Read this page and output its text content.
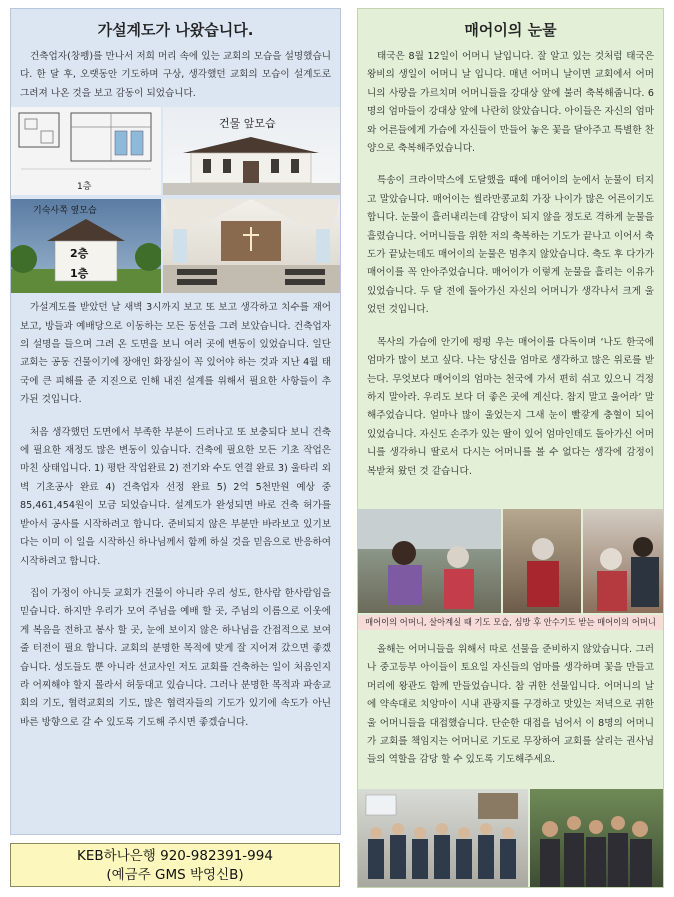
가설계도가 나왔습니다.
건축업자(창펭)를 만나서 저희 머리 속에 있는 교회의 모습을 설명했습니다. 한 달 후, 오랫동안 기도하며 구상, 생각했던 교회의 모습이 설계도로 그려져 나온 것을 보고 감동이 되었습니다.
1층
건물 앞모습
기숙사쪽 옆모습
2층
1층
가설계도를 받았던 날 새벽 3시까지 보고 또 보고 생각하고 치수를 재어 보고, 방들과 예배당으로 이동하는 모든 동선을 그려 보았습니다. 건축업자의 설명을 들으며 그려 온 도면을 보니 여러 곳에 변동이 있었습니다. 일단 교회는 공동 건물이기에 장애인 화장실이 꼭 있어야 하는 것과 지난 4월 태국에 큰 피해를 준 지진으로 인해 내진 설계를 위해서 필요한 사항들이 추가된 것입니다.
처음 생각했던 도면에서 부족한 부분이 드러나고 또 보충되다 보니 건축에 필요한 재정도 많은 변동이 있습니다. 건축에 필요한 모든 기초 작업은 마친 상태입니다. 1) 평탄 작업완료 2) 전기와 수도 연결 완료 3) 울타리 외벽 기초공사 완료 4) 건축업자 선정 완료 5) 2억 5천만원 예상 중 85,461,454원이 모금 되었습니다. 설계도가 완성되면 바로 건축 허가를 받아서 공사를 시작하려고 합니다. 준비되지 않은 부분만 바라보고 있기보다는 이미 이 일을 시작하신 하나님께서 함께 하실 것을 믿음으로 반응하여 시작하려고 합니다.
집이 가정이 아니듯 교회가 건물이 아니라 우리 성도, 한사람 한사람임을 믿습니다. 하지만 우리가 모여 주님을 예배 할 곳, 주님의 이름으로 이웃에게 복음을 전하고 봉사 할 곳, 눈에 보이지 않은 하나님을 간접적으로 보여줄 터전이 필요 합니다. 교회의 분명한 목적에 맞게 잘 지어져 갔으면 좋겠습니다. 성도들도 뿐 아니라 선교사인 저도 교회를 건축하는 일이 처음인지라 어찌해야 할지 몰라서 허둥대고 있습니다. 그러나 분명한 목적과 파송교회의 기도, 협력교회의 기도, 많은 협력자들의 기도가 있기에 속도가 아닌 바른 방향으로 갈 수 있도록 기도해 주시면 좋겠습니다.
KEB하나은행 920-982391-994
(예금주 GMS 박영신B)
매어이의 눈물
태국은 8월 12일이 어머니 날입니다. 잘 알고 있는 것처럼 태국은 왕비의 생일이 어머니 날 입니다. 매년 어머니 날이면 교회에서 어머니의 사랑을 가르치며 어머니들을 강대상 앞에 불러 축복해줍니다. 6명의 엄마들이 강대상 앞에 나란히 앉았습니다. 아이들은 자신의 엄마와 어른들에게 가슴에 자신들이 만들어 놓은 꽃을 달아주고 특별한 찬양으로 축복해주었습니다.
특송이 크라이막스에 도달했을 때에 매어이의 눈에서 눈물이 터지고 말았습니다. 매어이는 씰라만콩교회 가장 나이가 많은 어른이기도 합니다. 눈물이 흘러내리는데 감당이 되지 않을 정도로 격하게 눈물을 흘렸습니다. 어머니들을 위한 저의 축복하는 기도가 끝나고 이어서 축도가 끝났는데도 매어이의 눈물은 멈추지 않았습니다. 축도 후 다가가 매어이를 꼭 안아주었습니다. 매어이가 이렇게 눈물을 흘리는 이유가 있었습니다. 두 달 전에 돌아가신 자신의 어머니가 생각나서 크게 울었던 것입니다.
목사의 가슴에 안기에 펑펑 우는 매어이를 다독이며 ‘나도 한국에 엄마가 많이 보고 싶다. 나는 당신을 엄마로 생각하고 많은 위로를 받는다. 무엇보다 매어이의 엄마는 천국에 가서 편히 쉬고 있으니 걱정하지 말아라. 우리도 보다 더 좋은 곳에 계신다. 참지 말고 울어라’ 말해주었습니다. 얼마나 많이 울었는지 그새 눈이 빨갛게 충혈이 되어 있었습니다. 자신도 손주가 있는 딸이 있어 엄마인데도 돌아가신 어머니를 생각하니 딸로서 다시는 어머니를 볼 수 없다는 생각에 감정이 복받쳐 왔던 것 같습니다.
매어이의 어머니, 살아계실 때 기도 모습, 심방 후 안수기도 받는 매어이의 어머니
올해는 어머니들을 위해서 따로 선물을 준비하지 않았습니다. 그러나 중고등부 아이들이 토요일 자신들의 엄마를 생각하며 꽃을 만들고 머리에 왕관도 함께 만들었습니다. 참 귀한 선물입니다. 어머니의 날에 약속대로 치앙마이 시내 관광지를 구경하고 맛있는 저녁으로 귀한 울 어머니들을 대접했습니다. 단순한 대접을 넘어서 이 8명의 어머니가 교회를 책임지는 어머니로 기도로 무장하여 교회를 살리는 권사님들의 역할을 감당 할 수 있도록 기도해주세요.
